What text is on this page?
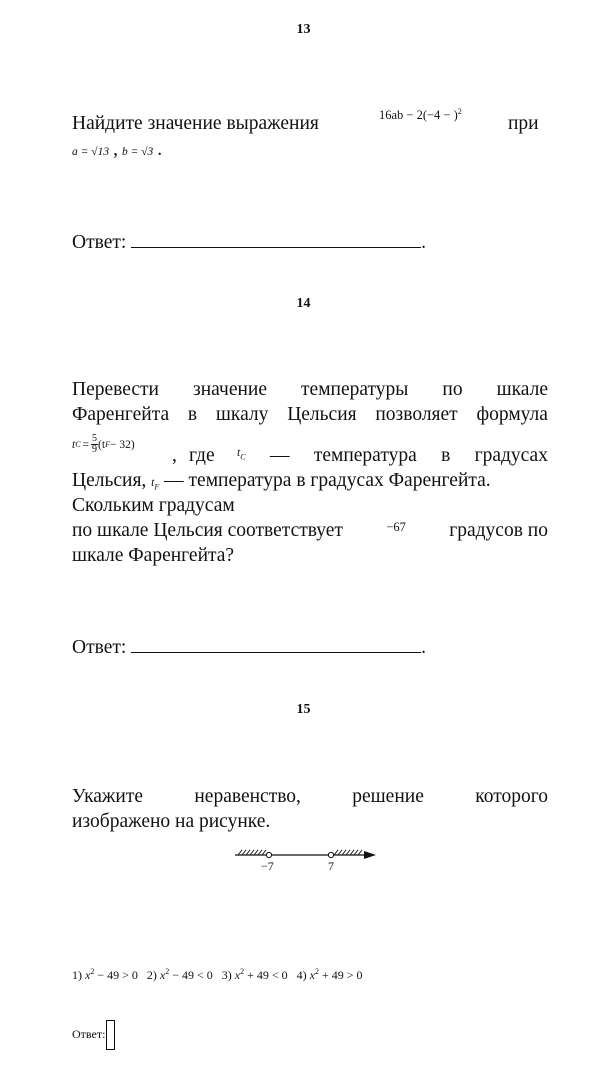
13
Найдите значение выражения	$16ab - 2(-4 - )^2$
при
a = √13 , b = √3 .
Ответ:	.
14
Перевести значение температуры по шкале
Фаренгейта в шкалу Цельсия позволяет формула
t $C = \frac{5}{9} (t$ F − 32)
, где $t_C$ — температура в градусах
Цельсия, $t_F$ — температура в градусах Фаренгейта.
Скольким градусам
по шкале Цельсия соответствует	−67 градусов по
шкале Фаренгейта?
Ответ:	.
15
Укажите	неравенство,	решение	которого
изображено на рисунке.
−7	7
1) $x^2 - 49 > 0$ 2) $x^2 - 49 < 0$ 3) $x^2 + 49 < 0$ 4) $x^2 + 49 > 0$
Ответ:
